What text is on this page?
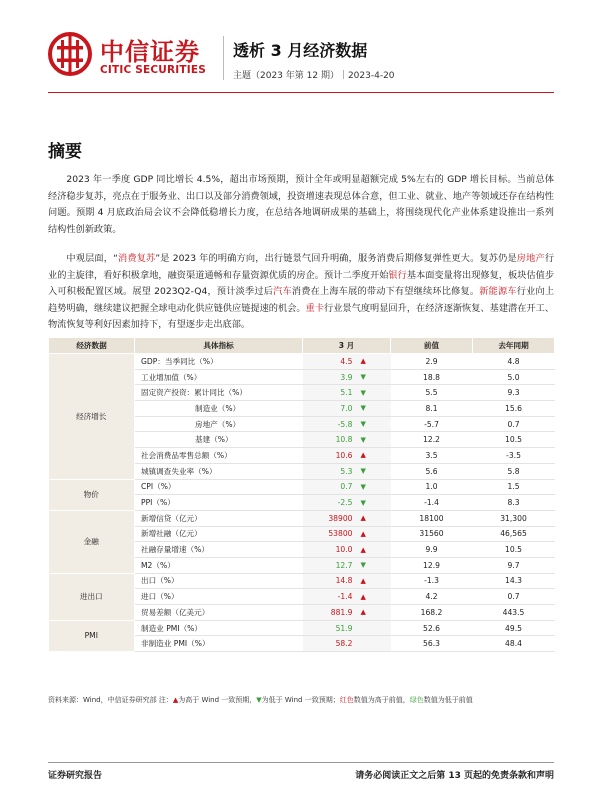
中信证券
CITIC SECURITIES
透析 3 月经济数据
主题（2023 年第 12 期）｜2023-4-20
摘要

2023 年一季度 GDP 同比增长 4.5%，超出市场预期，预计全年或明显超额完成 5%左右的 GDP 增长目标。当前总体经济稳步复苏，亮点在于服务业、出口以及部分消费领域，投资增速表现总体合意，但工业、就业、地产等领域还存在结构性问题。预期 4 月底政治局会议不会降低稳增长力度，在总结各地调研成果的基础上，将围绕现代化产业体系建设推出一系列结构性创新政策。

中观层面，“消费复苏”是 2023 年的明确方向，出行链景气回升明确，服务消费后期修复弹性更大。复苏仍是房地产行业的主旋律，看好积极拿地，融资渠道通畅和存量资源优质的房企。预计二季度开始银行基本面变量将出现修复，板块估值步入可积极配置区域。展望 2023Q2-Q4，预计淡季过后汽车消费在上海车展的带动下有望继续环比修复。新能源车行业向上趋势明确，继续建议把握全球电动化供应链供应链提速的机会。重卡行业景气度明显回升，在经济逐渐恢复、基建潜在开工、物流恢复等利好因素加持下，有望逐步走出底部。

经济数据	具体指标	3 月		前值	去年同期
经济增长	GDP：当季同比（%）	4.5	▲	2.9	4.8
	工业增加值（%）	3.9	▼	18.8	5.0
	固定资产投资：累计同比（%）	5.1	▼	5.5	9.3
	制造业（%）	7.0	▼	8.1	15.6
	房地产（%）	-5.8	▼	-5.7	0.7
	基建（%）	10.8	▼	12.2	10.5
	社会消费品零售总额（%）	10.6	▲	3.5	-3.5
	城镇调查失业率（%）	5.3	▼	5.6	5.8
物价	CPI（%）	0.7	▼	1.0	1.5
	PPI（%）	-2.5	▼	-1.4	8.3
金融	新增信贷（亿元）	38900	▲	18100	31,300
	新增社融（亿元）	53800	▲	31560	46,565
	社融存量增速（%）	10.0	▲	9.9	10.5
	M2（%）	12.7	▼	12.9	9.7
进出口	出口（%）	14.8	▲	-1.3	14.3
	进口（%）	-1.4	▲	4.2	0.7
	贸易差额（亿美元）	881.9	▲	168.2	443.5
PMI	制造业 PMI（%）	51.9		52.6	49.5
	非制造业 PMI（%）	58.2		56.3	48.4
资料来源：Wind，中信证券研究部 注：▲为高于 Wind 一致预期，▼为低于 Wind 一致预期；红色数值为高于前值，绿色数值为低于前值
证券研究报告	请务必阅读正文之后第 13 页起的免责条款和声明
